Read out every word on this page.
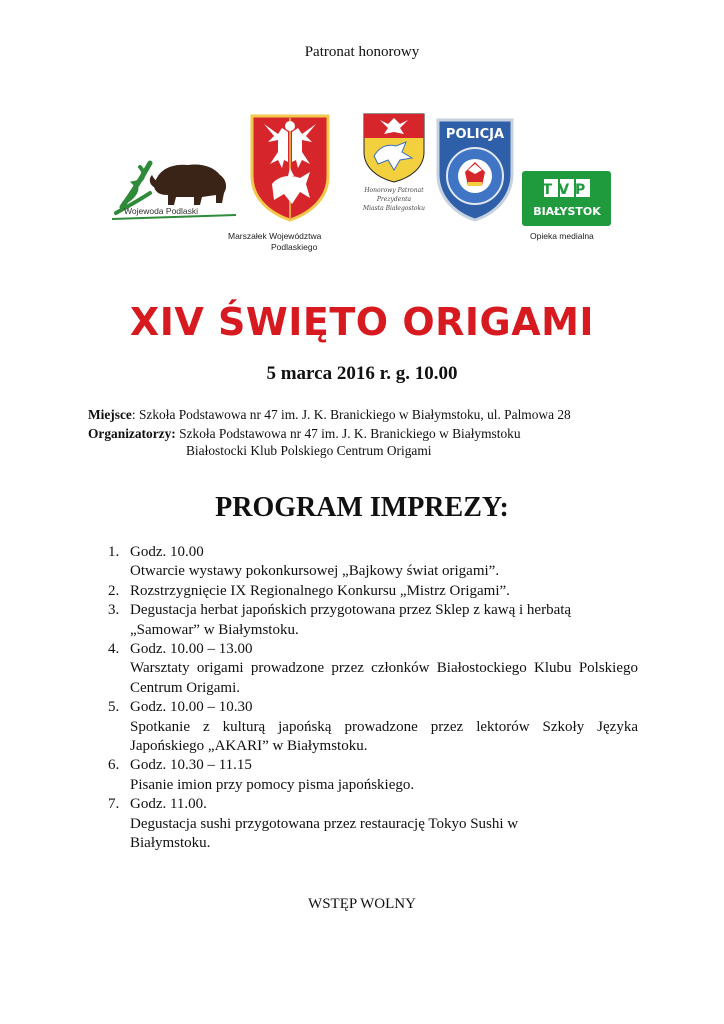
Patronat honorowy
Wojewoda Podlaski
Honorowy Patronat
Prezydenta
Miasta Białegostoku
POLICJA
TVP
BIAŁYSTOK
Marszałek Województwa
Podlaskiego
Opieka medialna
XIV ŚWIĘTO ORIGAMI
5 marca 2016 r. g. 10.00
Miejsce: Szkoła Podstawowa nr 47 im. J. K. Branickiego w Białymstoku, ul. Palmowa 28
Organizatorzy: Szkoła Podstawowa nr 47 im. J. K. Branickiego w Białymstoku
Białostocki Klub Polskiego Centrum Origami
PROGRAM IMPREZY:
1. Godz. 10.00
Otwarcie wystawy pokonkursowej „Bajkowy świat origami”.
2. Rozstrzygnięcie IX Regionalnego Konkursu „Mistrz Origami”.
3. Degustacja herbat japońskich przygotowana przez Sklep z kawą i herbatą
„Samowar” w Białymstoku.
4. Godz. 10.00 – 13.00
Warsztaty origami prowadzone przez członków Białostockiego Klubu Polskiego Centrum Origami.
5. Godz. 10.00 – 10.30
Spotkanie z kulturą japońską prowadzone przez lektorów Szkoły Języka Japońskiego „AKARI” w Białymstoku.
6. Godz. 10.30 – 11.15
Pisanie imion przy pomocy pisma japońskiego.
7. Godz. 11.00.
Degustacja sushi przygotowana przez restaurację Tokyo Sushi w Białymstoku.
WSTĘP WOLNY
